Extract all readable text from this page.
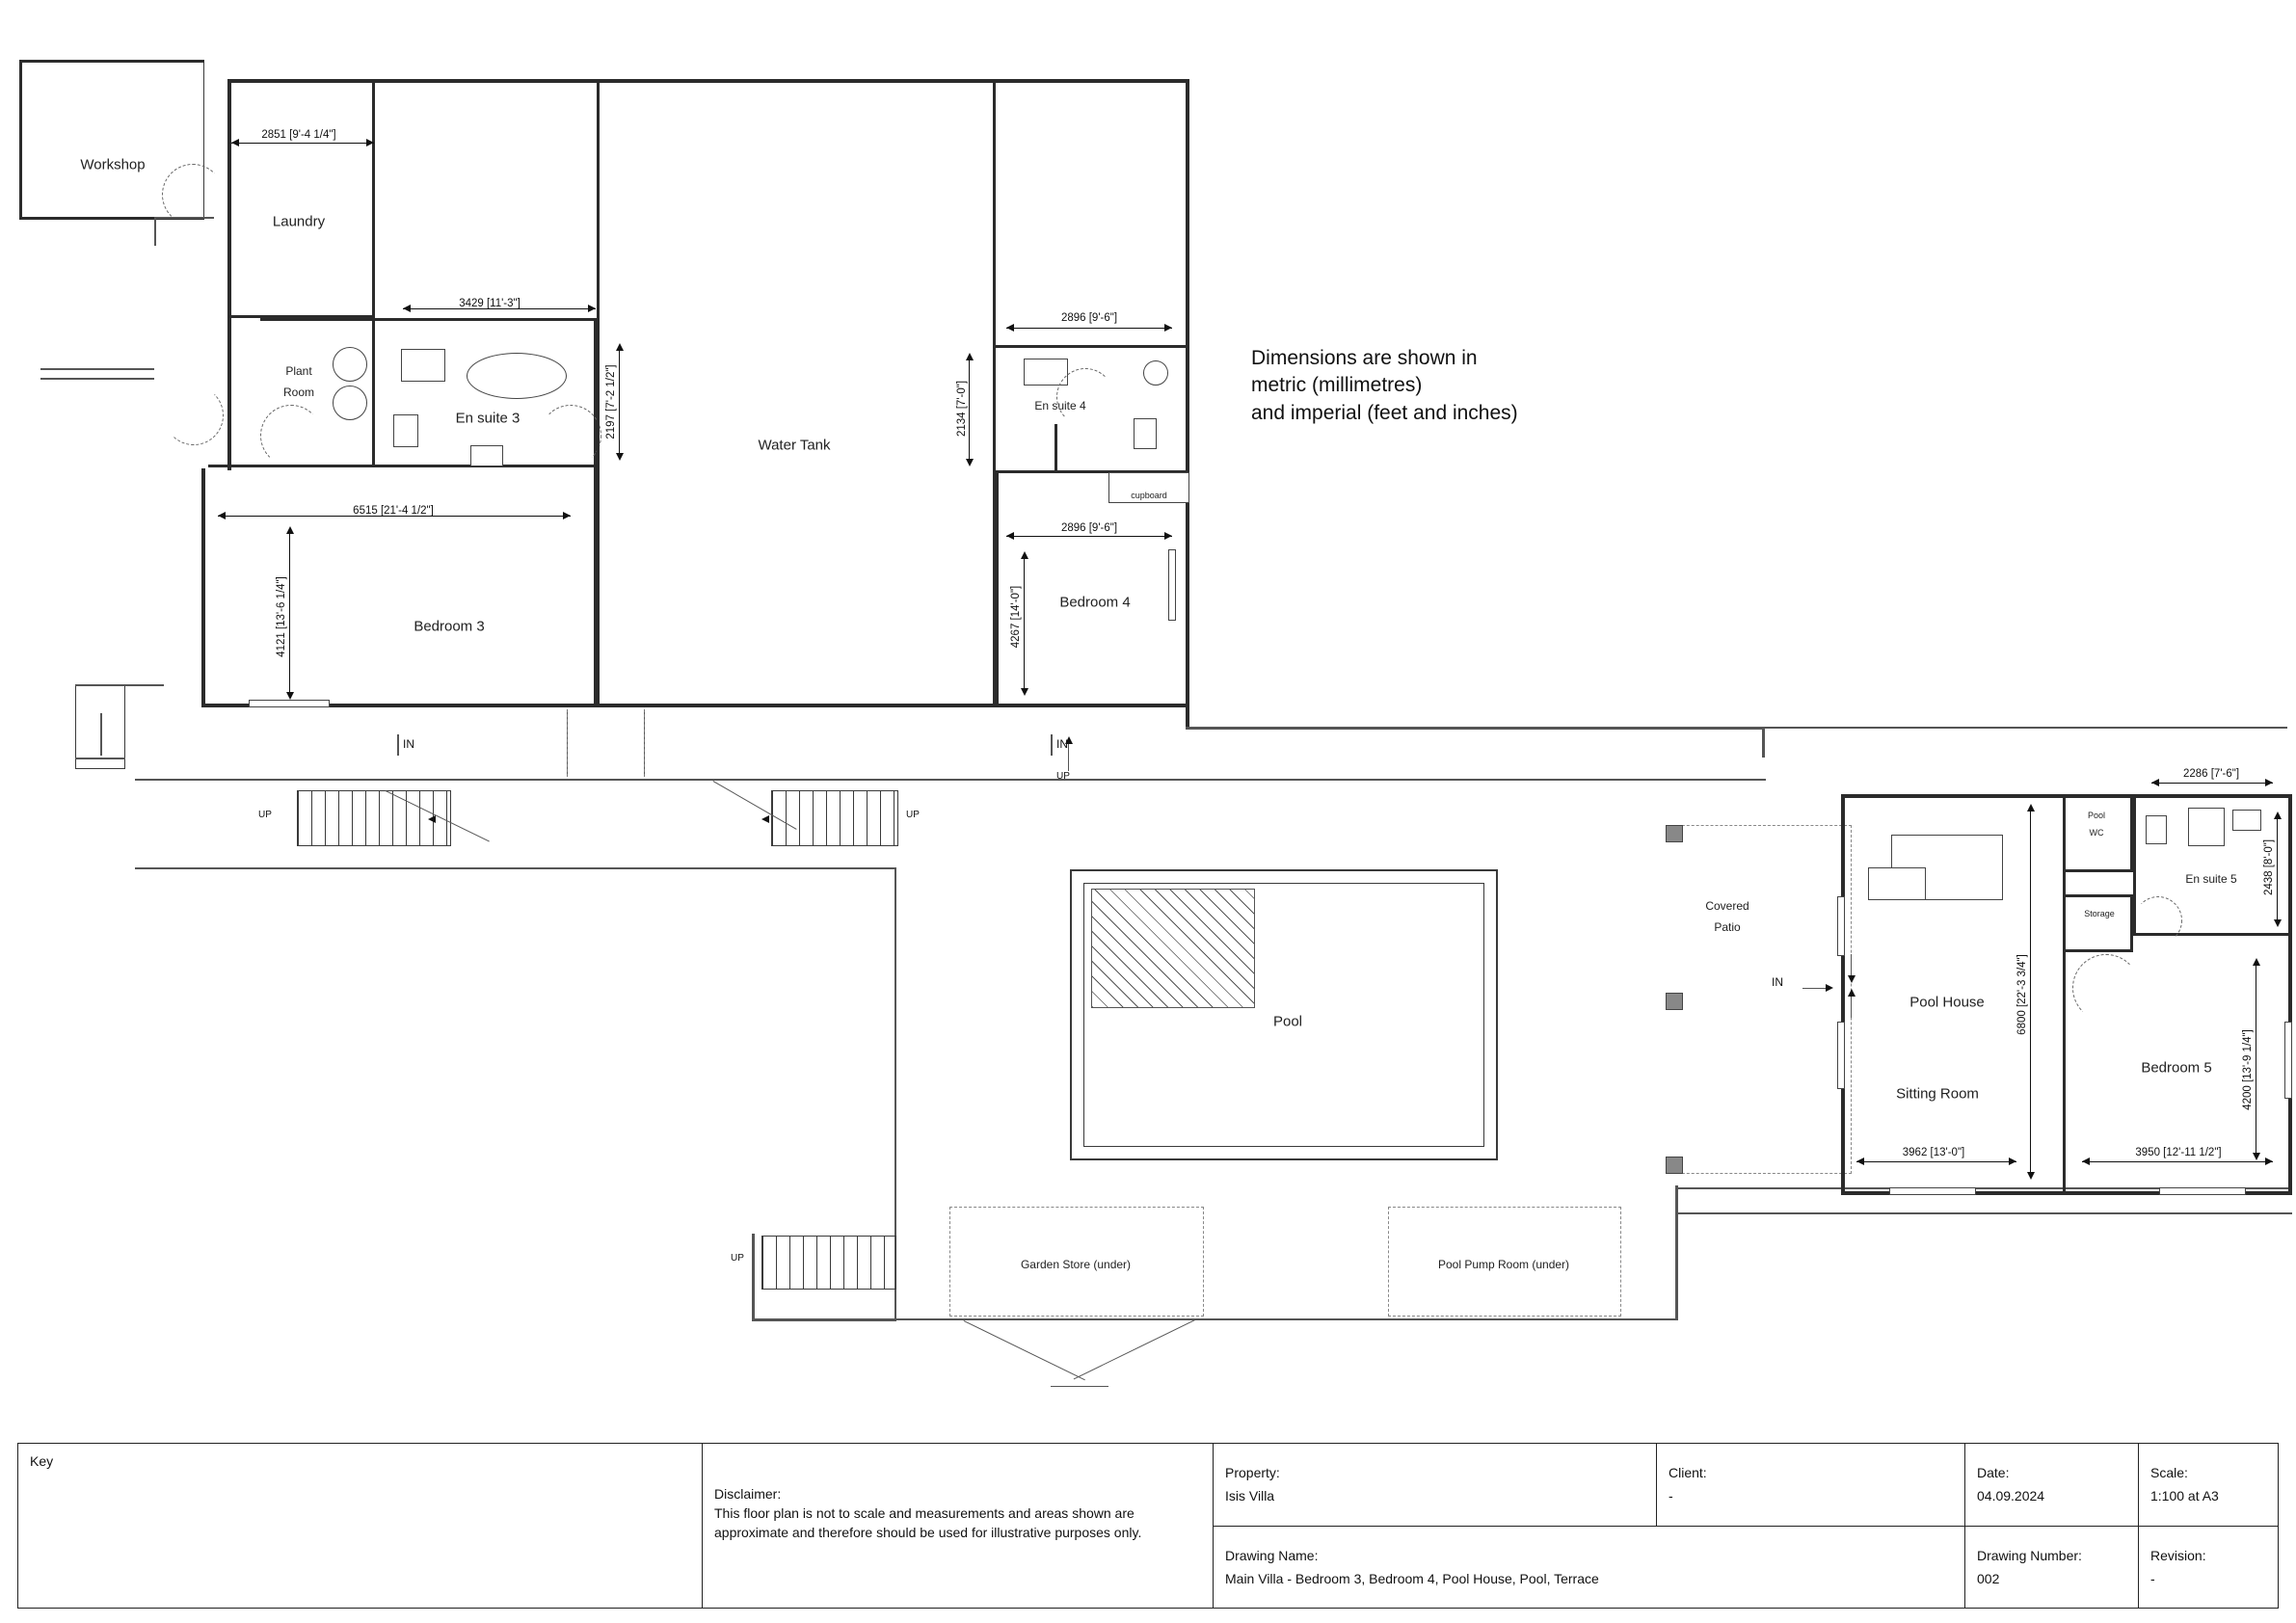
Workshop
Laundry
Plant
Room
En suite 3
Water Tank
En suite 4
cupboard
Bedroom 3
Bedroom 4
UP	UP
UP
UP
IN	IN
2851 [9'-4 1/4"]
3429 [11'-3"]
2197 [7'-2 1/2"]
6515 [21'-4 1/2"]
4121 [13'-6 1/4"]
2896 [9'-6"]
2134 [7'-0"]
2896 [9'-6"]
4267 [14'-0"]
Dimensions are shown in
metric (millimetres)
and imperial (feet and inches)
Pool
Garden Store (under)	Pool Pump Room (under)
Covered
Patio
IN
Pool
WC
Storage
En suite 5
Pool House
Sitting Room
Bedroom 5
6800 [22'-3 3/4"]
3962 [13'-0"]	3950 [12'-11 1/2"]
4200 [13'-9 1/4"]
2286 [7'-6"]
2438 [8'-0"]
Key
Disclaimer:
This floor plan is not to scale and measurements and areas shown are approximate and therefore should be used for illustrative purposes only.
Property:
Isis Villa
Client:
-
Date:
04.09.2024
Scale:
1:100 at A3
Drawing Name:
Main Villa - Bedroom 3, Bedroom 4, Pool House, Pool, Terrace
Drawing Number:
002
Revision:
-
